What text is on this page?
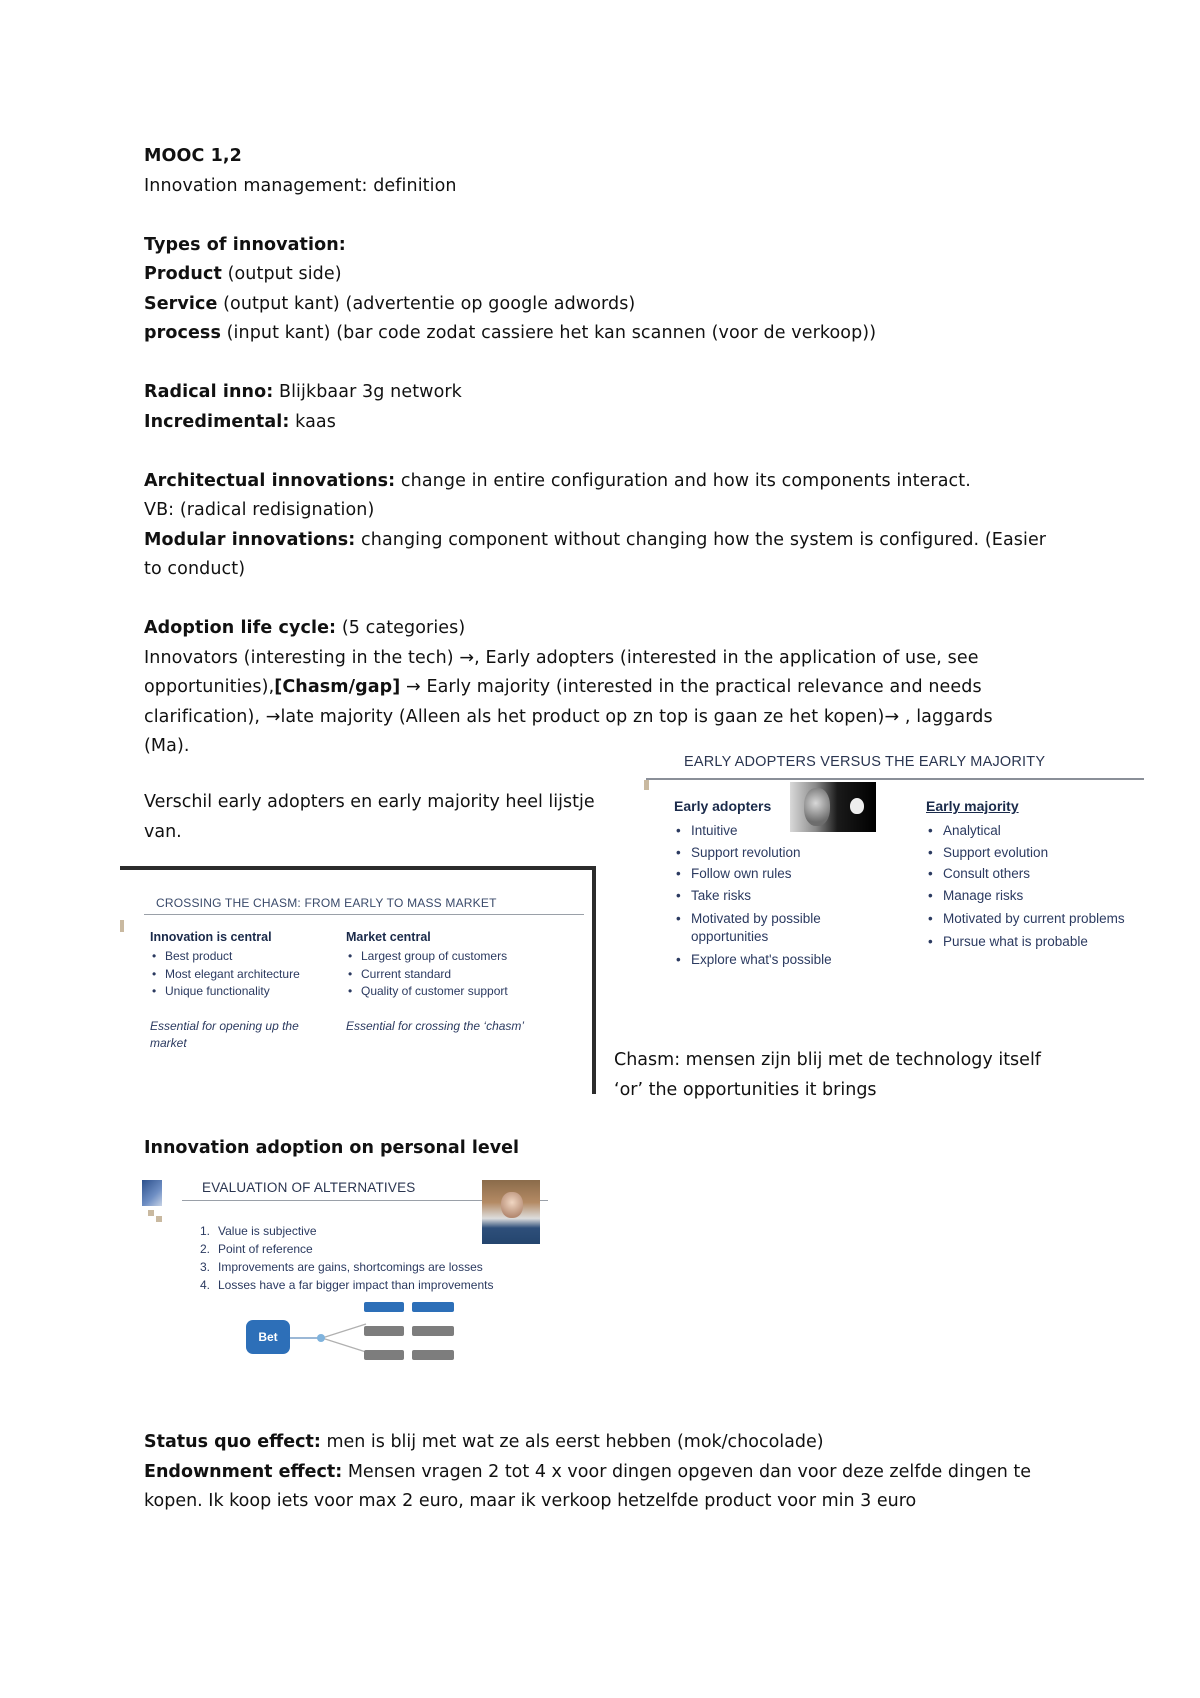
MOOC 1,2

Innovation management: definition

Types of innovation:

Product (output side)

Service (output kant) (advertentie op google adwords)

process (input kant) (bar code zodat cassiere het kan scannen (voor de verkoop))

Radical inno: Blijkbaar 3g network

Incredimental: kaas

Architectual innovations: change in entire configuration and how its components interact.

VB: (radical redisignation)

Modular innovations: changing component without changing how the system is configured. (Easier

to conduct)

Adoption life cycle: (5 categories)

Innovators (interesting in the tech) →, Early adopters (interested in the application of use, see

opportunities),[Chasm/gap] → Early majority (interested in the practical relevance and needs

clarification), →late majority (Alleen als het product op zn top is gaan ze het kopen)→ , laggards

(Ma).

Verschil early adopters en early majority heel lijstje
van.
EARLY ADOPTERS VERSUS THE EARLY MAJORITY
Early adopters
• Intuitive
• Support revolution
• Follow own rules
• Take risks
• Motivated by possible opportunities
• Explore what's possible
Early majority
• Analytical
• Support evolution
• Consult others
• Manage risks
• Motivated by current problems
• Pursue what is probable
CROSSING THE CHASM: FROM EARLY TO MASS MARKET
Innovation is central
• Best product
• Most elegant architecture
• Unique functionality
Essential for opening up the market
Market central
• Largest group of customers
• Current standard
• Quality of customer support
Essential for crossing the ‘chasm’
Chasm: mensen zijn blij met de technology itself
‘or’ the opportunities it brings
Innovation adoption on personal level
EVALUATION OF ALTERNATIVES
1. Value is subjective
2. Point of reference
3. Improvements are gains, shortcomings are losses
4. Losses have a far bigger impact than improvements
Bet
Status quo effect: men is blij met wat ze als eerst hebben (mok/chocolade)
Endownment effect: Mensen vragen 2 tot 4 x voor dingen opgeven dan voor deze zelfde dingen te
kopen. Ik koop iets voor max 2 euro, maar ik verkoop hetzelfde product voor min 3 euro
